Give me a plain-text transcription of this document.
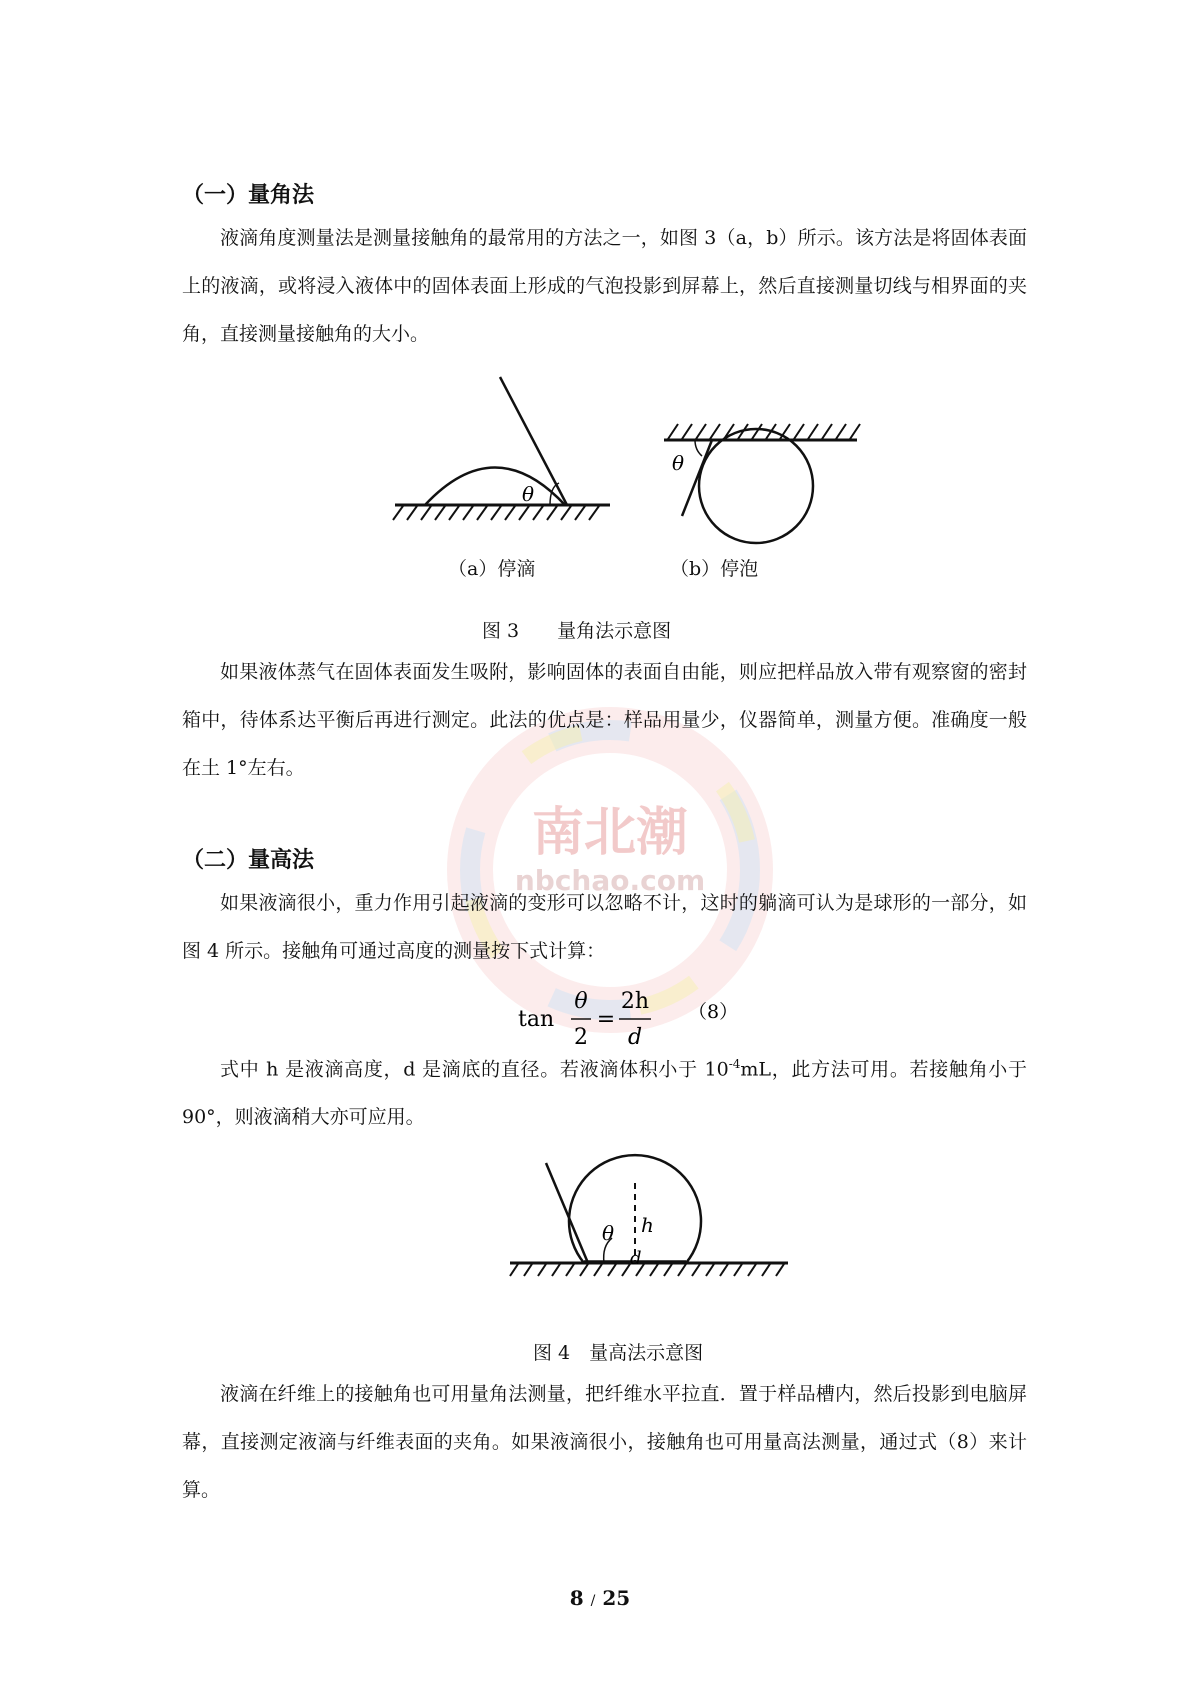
南北潮
nbchao.com
（一）量角法
液滴角度测量法是测量接触角的最常用的方法之一，如图 3（a，b）所示。该方法是将固体表面上的液滴，或将浸入液体中的固体表面上形成的气泡投影到屏幕上，然后直接测量切线与相界面的夹角，直接测量接触角的大小。
θ
θ
（a）停滴	（b）停泡
图 3　　量角法示意图
如果液体蒸气在固体表面发生吸附，影响固体的表面自由能，则应把样品放入带有观察窗的密封箱中，待体系达平衡后再进行测定。此法的优点是：样品用量少，仪器简单，测量方便。准确度一般在土 1°左右。
（二）量高法
如果液滴很小，重力作用引起液滴的变形可以忽略不计，这时的躺滴可认为是球形的一部分，如图 4 所示。接触角可通过高度的测量按下式计算：
tan
θ
2
=
2h
d
（8）
式中 h 是液滴高度，d 是滴底的直径。若液滴体积小于 $10^{-4}mL$，此方法可用。若接触角小于 90°，则液滴稍大亦可应用。
θ h
d
图 4　量高法示意图
液滴在纤维上的接触角也可用量角法测量，把纤维水平拉直．置于样品槽内，然后投影到电脑屏幕，直接测定液滴与纤维表面的夹角。如果液滴很小，接触角也可用量高法测量，通过式（8）来计算。
8 / 25
